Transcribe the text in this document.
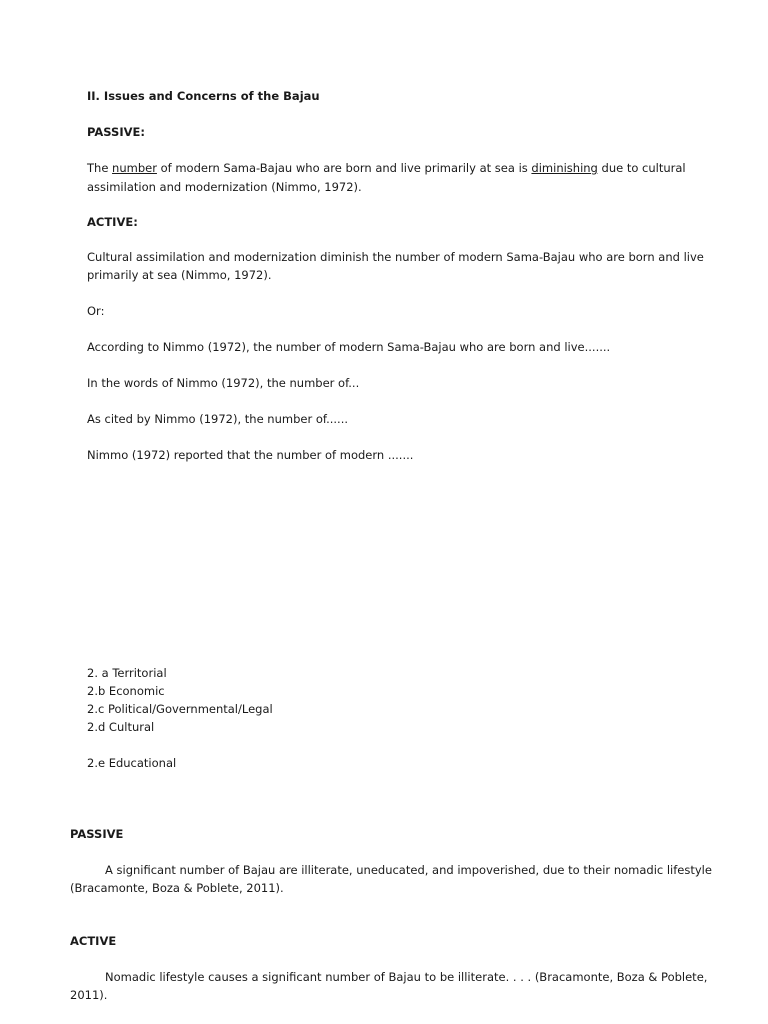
II. Issues and Concerns of the Bajau
PASSIVE:
The number of modern Sama-Bajau who are born and live primarily at sea is diminishing due to cultural
assimilation and modernization (Nimmo, 1972).
ACTIVE:
Cultural assimilation and modernization diminish the number of modern Sama-Bajau who are born and live
primarily at sea (Nimmo, 1972).
Or:
According to Nimmo (1972), the number of modern Sama-Bajau who are born and live.......
In the words of Nimmo (1972), the number of...
As cited by Nimmo (1972), the number of......
Nimmo (1972) reported that the number of modern .......
2. a Territorial
2.b Economic
2.c Political/Governmental/Legal
2.d Cultural
2.e Educational
PASSIVE
A significant number of Bajau are illiterate, uneducated, and impoverished, due to their nomadic lifestyle
(Bracamonte, Boza & Poblete, 2011).
ACTIVE
Nomadic lifestyle causes a significant number of Bajau to be illiterate. . . . (Bracamonte, Boza & Poblete,
2011).
